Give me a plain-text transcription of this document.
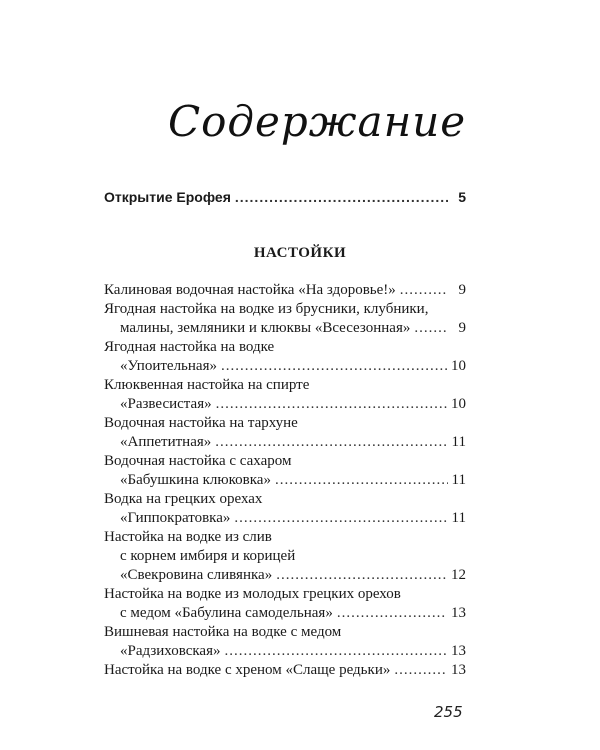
Содержание
Открытие Ерофея .....	5
НАСТОЙКИ
Калиновая водочная настойка «На здоровье!» .....	9
Ягодная настойка на водке из брусники, клубники,
малины, земляники и клюквы «Всесезонная» .....	9
Ягодная настойка на водке
«Упоительная» .....	10
Клюквенная настойка на спирте
«Развесистая» .....	10
Водочная настойка на тархуне
«Аппетитная» .....	11
Водочная настойка с сахаром
«Бабушкина клюковка» .....	11
Водка на грецких орехах
«Гиппократовка» .....	11
Настойка на водке из слив
с корнем имбиря и корицей
«Свекровина сливянка» .....	12
Настойка на водке из молодых грецких орехов
с медом «Бабулина самодельная» .....	13
Вишневая настойка на водке с медом
«Радзиховская» .....	13
Настойка на водке с хреном «Слаще редьки» .....	13
255
